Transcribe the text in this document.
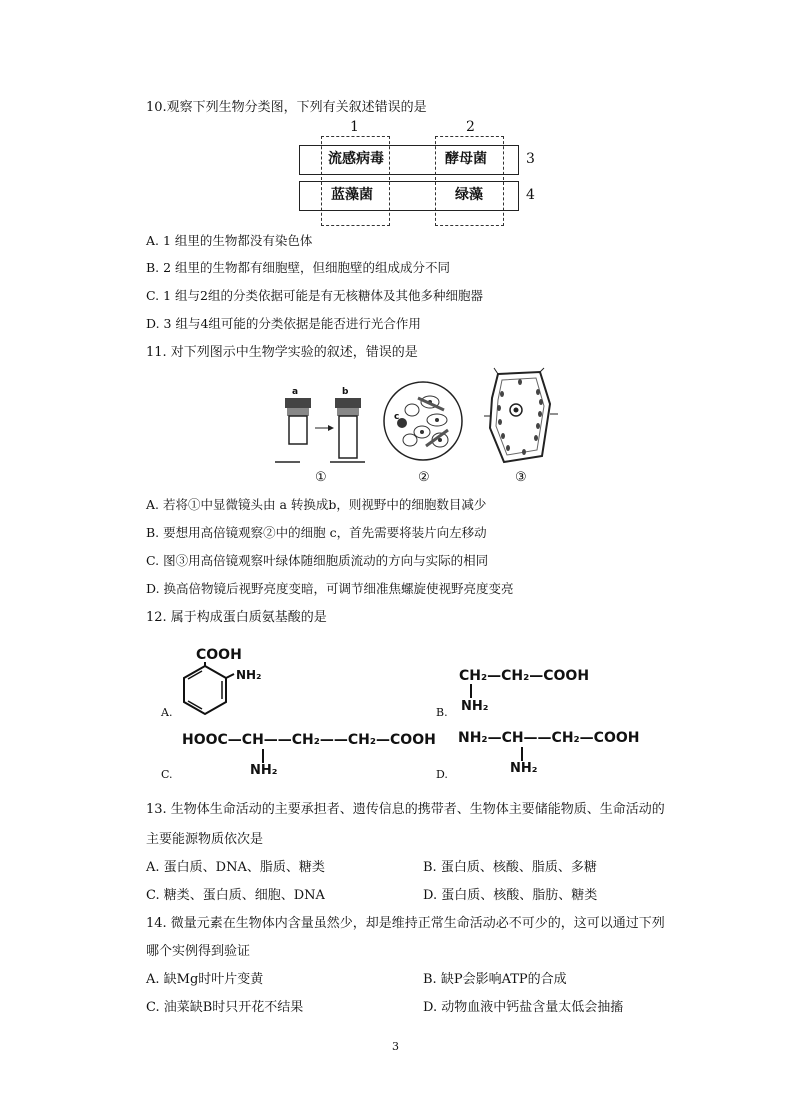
10.观察下列生物分类图，下列有关叙述错误的是
1	2
流感病毒	酵母菌
蓝藻菌	绿藻
3
4
A. 1 组里的生物都没有染色体
B. 2 组里的生物都有细胞壁，但细胞壁的组成成分不同
C. 1 组与2组的分类依据可能是有无核糖体及其他多种细胞器
D. 3 组与4组可能的分类依据是能否进行光合作用
11. 对下列图示中生物学实验的叙述，错误的是
a	b
c
①	②	③
A. 若将①中显微镜头由 a 转换成b，则视野中的细胞数目减少
B. 要想用高倍镜观察②中的细胞 c，首先需要将装片向左移动
C. 图③用高倍镜观察叶绿体随细胞质流动的方向与实际的相同
D. 换高倍物镜后视野亮度变暗，可调节细准焦螺旋使视野亮度变亮
12. 属于构成蛋白质氨基酸的是
COOH
NH₂
A.
CH₂—CH₂—COOH
NH₂
B.
HOOC—CH——CH₂——CH₂—COOH
NH₂
C.
NH₂—CH——CH₂—COOH
NH₂
D.
13. 生物体生命活动的主要承担者、遗传信息的携带者、生物体主要储能物质、生命活动的
主要能源物质依次是
A. 蛋白质、DNA、脂质、糖类	B. 蛋白质、核酸、脂质、多糖
C. 糖类、蛋白质、细胞、DNA	D. 蛋白质、核酸、脂肪、糖类
14. 微量元素在生物体内含量虽然少，却是维持正常生命活动必不可少的，这可以通过下列
哪个实例得到验证
A. 缺Mg时叶片变黄	B. 缺P会影响ATP的合成
C. 油菜缺B时只开花不结果	D. 动物血液中钙盐含量太低会抽搐
3
